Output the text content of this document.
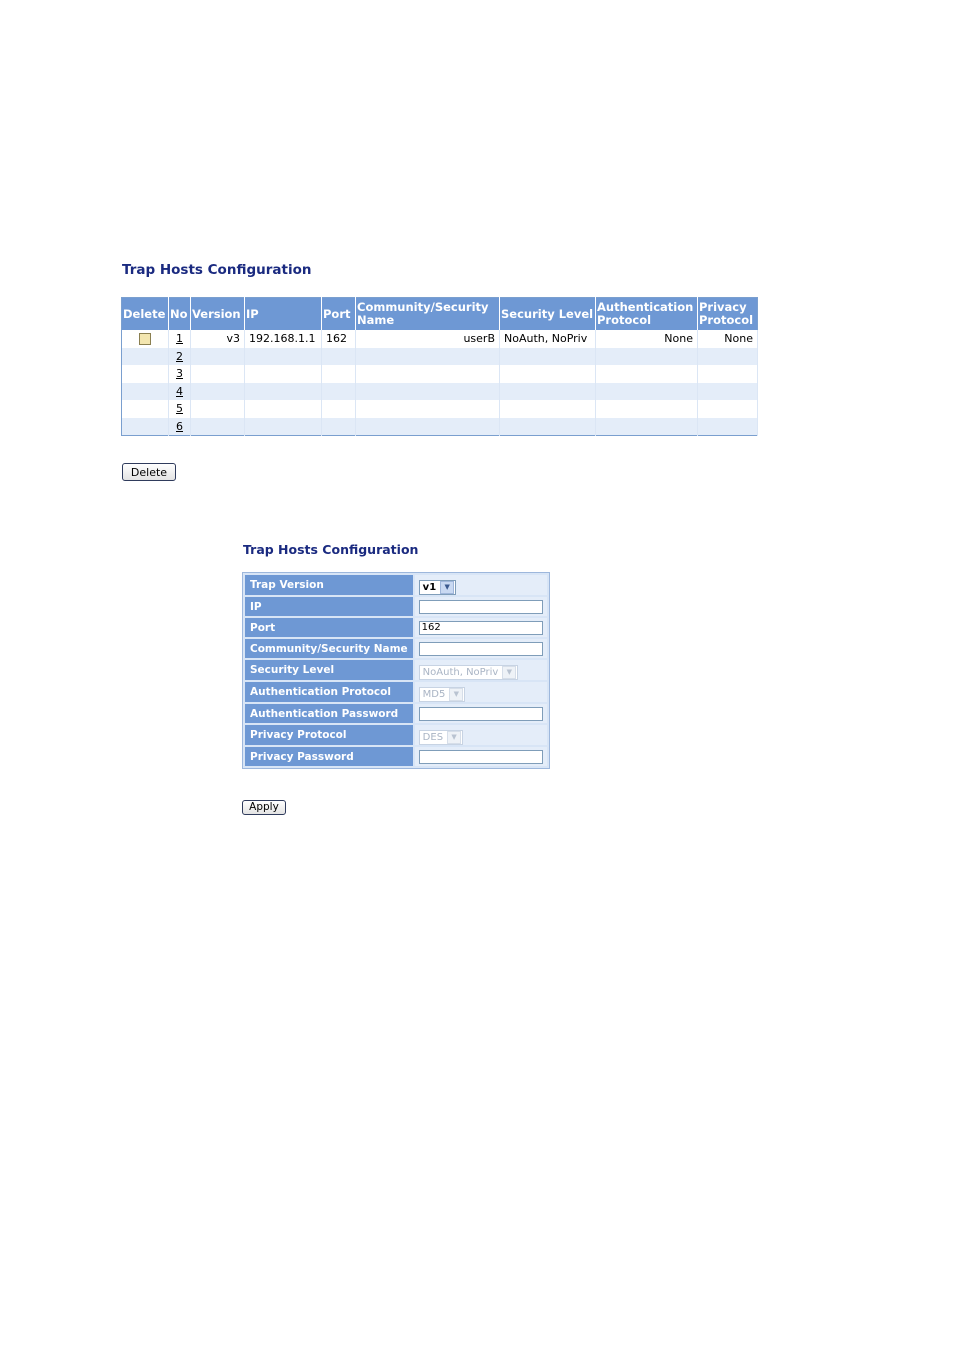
Trap Hosts Configuration
Delete	No	Version	IP	Port	Community/Security Name	Security Level	Authentication Protocol	Privacy Protocol
	1	v3	192.168.1.1	162	userB	NoAuth, NoPriv	None	None
	2							
	3							
	4							
	5							
	6							
Delete
Trap Hosts Configuration
Trap Version	v1 ▼

IP	

Port	162

Community/Security Name	

Security Level	NoAuth, NoPriv ▼

Authentication Protocol	MD5 ▼

Authentication Password	

Privacy Protocol	DES ▼

Privacy Password	
Apply
